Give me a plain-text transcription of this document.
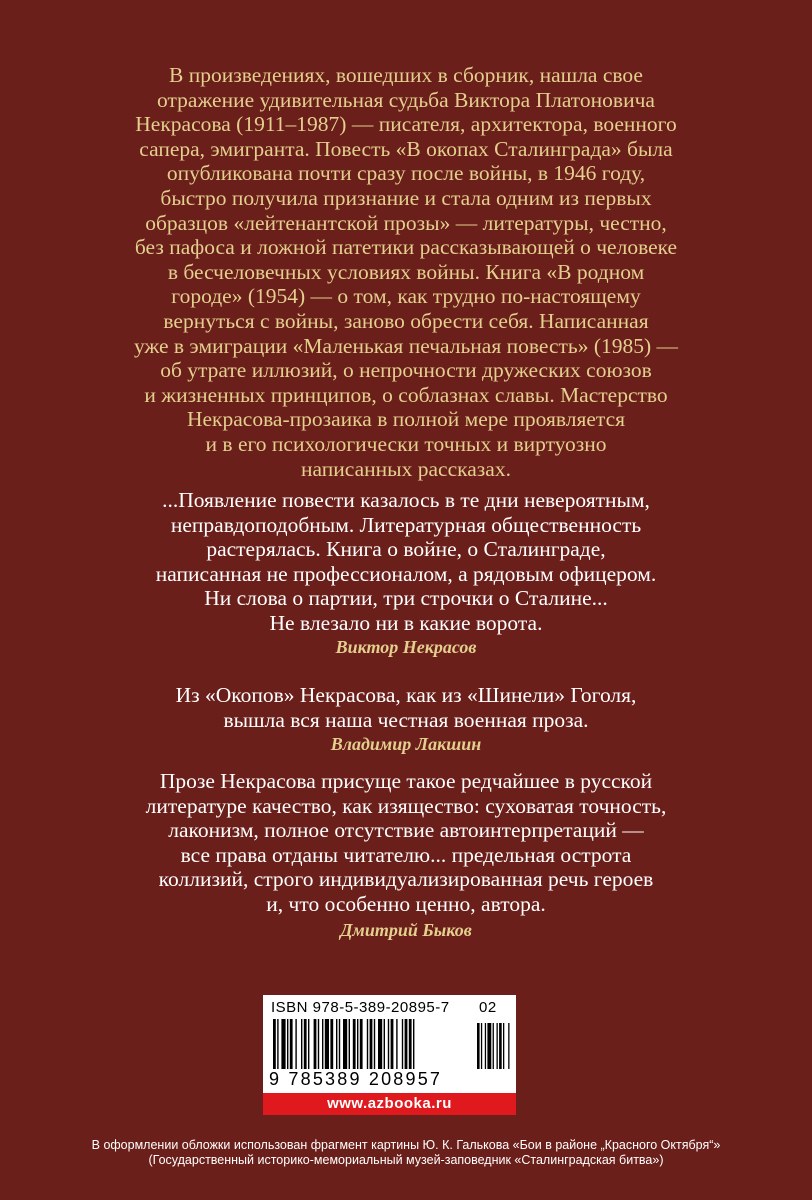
В произведениях, вошедших в сборник, нашла свое
отражение удивительная судьба Виктора Платоновича
Некрасова (1911–1987) — писателя, архитектора, военного
сапера, эмигранта. Повесть «В окопах Сталинграда» была
опубликована почти сразу после войны, в 1946 году,
быстро получила признание и стала одним из первых
образцов «лейтенантской прозы» — литературы, честно,
без пафоса и ложной патетики рассказывающей о человеке
в бесчеловечных условиях войны. Книга «В родном
городе» (1954) — о том, как трудно по-настоящему
вернуться с войны, заново обрести себя. Написанная
уже в эмиграции «Маленькая печальная повесть» (1985) —
об утрате иллюзий, о непрочности дружеских союзов
и жизненных принципов, о соблазнах славы. Мастерство
Некрасова-прозаика в полной мере проявляется
и в его психологически точных и виртуозно
написанных рассказах.
...Появление повести казалось в те дни невероятным,
неправдоподобным. Литературная общественность
растерялась. Книга о войне, о Сталинграде,
написанная не профессионалом, а рядовым офицером.
Ни слова о партии, три строчки о Сталине...
Не влезало ни в какие ворота.
Виктор Некрасов
Из «Окопов» Некрасова, как из «Шинели» Гоголя,
вышла вся наша честная военная проза.
Владимир Лакшин
Прозе Некрасова присуще такое редчайшее в русской
литературе качество, как изящество: суховатая точность,
лаконизм, полное отсутствие автоинтерпретаций —
все права отданы читателю... предельная острота
коллизий, строго индивидуализированная речь героев
и, что особенно ценно, автора.
Дмитрий Быков
ISBN 978-5-389-20895-7 02
9 785389 208957
www.azbooka.ru
В оформлении обложки использован фрагмент картины Ю. К. Галькова «Бои в районе „Красного Октября“»
(Государственный историко-мемориальный музей-заповедник «Сталинградская битва»)
